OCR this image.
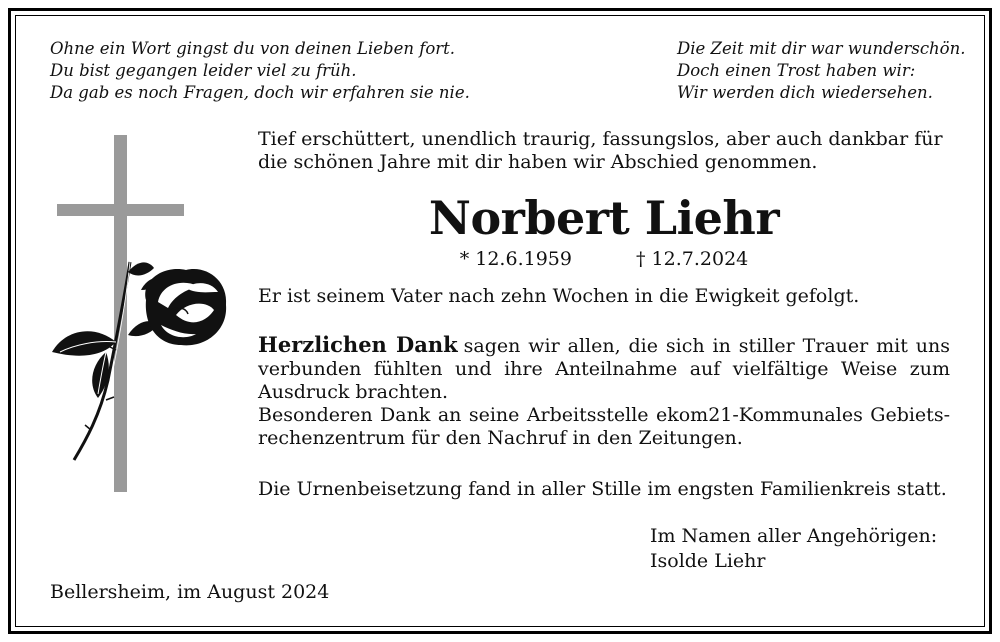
Ohne ein Wort gingst du von deinen Lieben fort.
Du bist gegangen leider viel zu früh.
Da gab es noch Fragen, doch wir erfahren sie nie.
Die Zeit mit dir war wunderschön.
Doch einen Trost haben wir:
Wir werden dich wiedersehen.
Tief erschüttert, unendlich traurig, fassungslos, aber auch dankbar für die schönen Jahre mit dir haben wir Abschied genommen.
Norbert Liehr
* 12.6.1959	† 12.7.2024
Er ist seinem Vater nach zehn Wochen in die Ewigkeit gefolgt.
Herzlichen Dank sagen wir allen, die sich in stiller Trauer mit uns verbunden fühlten und ihre Anteilnahme auf vielfältige Weise zum Ausdruck brachten.
Besonderen Dank an seine Arbeitsstelle ekom21-Kommunales Gebiets-rechenzentrum für den Nachruf in den Zeitungen.
Die Urnenbeisetzung fand in aller Stille im engsten Familienkreis statt.
Im Namen aller Angehörigen:
Isolde Liehr
Bellersheim, im August 2024
